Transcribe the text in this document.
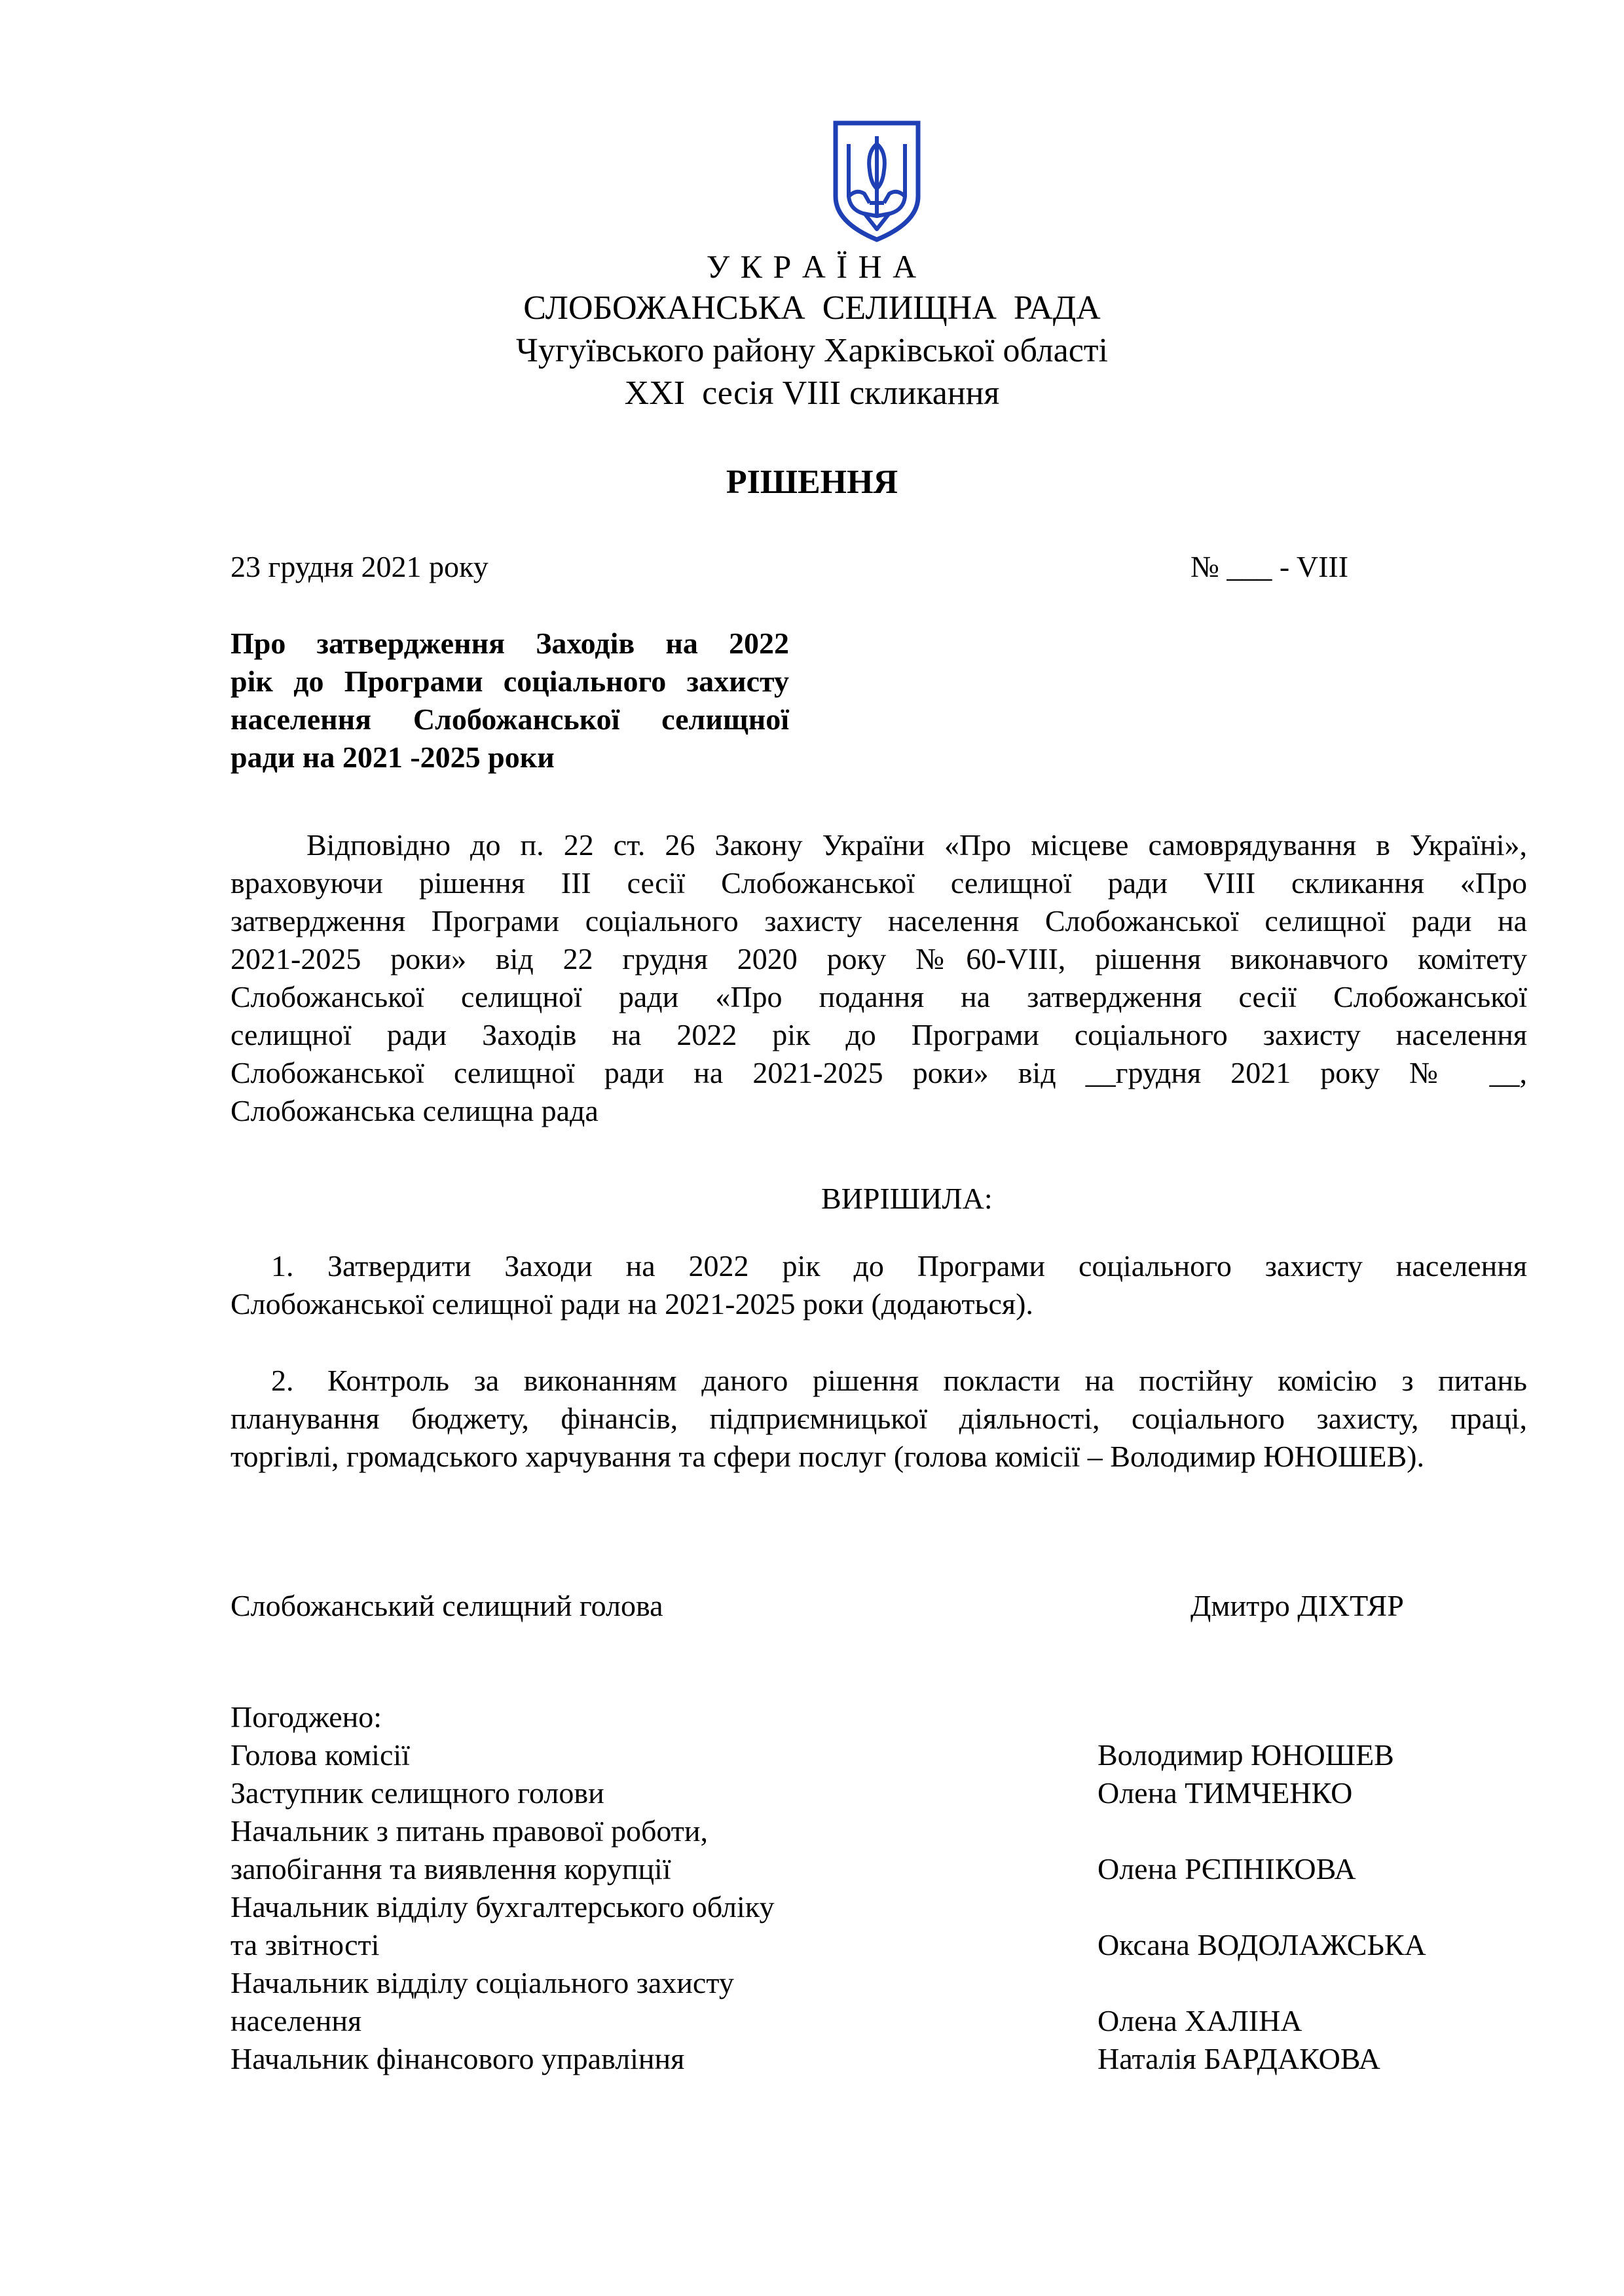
У К Р А Ї Н А
СЛОБОЖАНСЬКА  СЕЛИЩНА  РАДА
Чугуївського району Харківської області
XXI  сесія VIII скликання
РІШЕННЯ
23 грудня 2021 року	№ ___ - VIII
Про затвердження Заходів на 2022
рік до Програми соціального захисту
населення Слобожанської селищної
ради на 2021 -2025 роки
Відповідно до п. 22 ст. 26 Закону України «Про місцеве самоврядування в Україні»,
враховуючи рішення ІІІ сесії Слобожанської селищної ради VIII скликання «Про
затвердження Програми соціального захисту населення Слобожанської селищної ради на
2021-2025 роки» від 22 грудня 2020 року №60-VIII, рішення виконавчого комітету
Слобожанської селищної ради «Про подання на затвердження сесії Слобожанської
селищної ради Заходів на 2022 рік до Програми соціального захисту населення
Слобожанської селищної ради на 2021-2025 роки» від __грудня 2021 року № __,
Слобожанська селищна рада
ВИРІШИЛА:
1. Затвердити Заходи на 2022 рік до Програми соціального захисту населення
Слобожанської селищної ради на 2021-2025 роки (додаються).
2. Контроль за виконанням даного рішення покласти на постійну комісію з питань
планування бюджету, фінансів, підприємницької діяльності, соціального захисту, праці,
торгівлі, громадського харчування та сфери послуг (голова комісії – Володимир ЮНОШЕВ).
Слобожанський селищний голова	Дмитро ДІХТЯР
Погоджено:
Голова комісії	Володимир ЮНОШЕВ
Заступник селищного голови	Олена ТИМЧЕНКО
Начальник з питань правової роботи,
запобігання та виявлення корупції	Олена РЄПНІКОВА
Начальник відділу бухгалтерського обліку
та звітності	Оксана ВОДОЛАЖСЬКА
Начальник відділу соціального захисту
населення	Олена ХАЛІНА
Начальник фінансового управління	Наталія БАРДАКОВА
